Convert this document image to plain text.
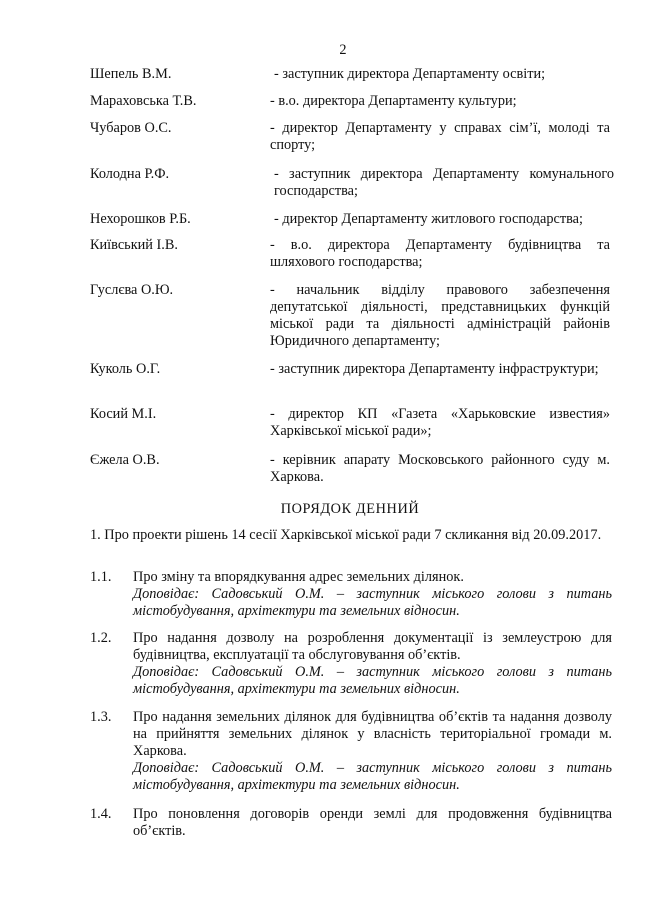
2
Шепель В.М.	- заступник директора Департаменту освіти;
Мараховська Т.В.	- в.о. директора Департаменту культури;
Чубаров О.С.	- директор Департаменту у справах сім’ї, молоді та спорту;
Колодна Р.Ф.	- заступник директора Департаменту комунального господарства;
Нехорошков Р.Б.	- директор Департаменту житлового господарства;
Київський І.В.	- в.о. директора Департаменту будівництва та шляхового господарства;
Гуслєва О.Ю.	- начальник відділу правового забезпечення депутатської діяльності, представницьких функцій міської ради та діяльності адміністрацій районів Юридичного департаменту;
Куколь О.Г.	- заступник директора Департаменту інфраструктури;
Косий М.І.	- директор КП «Газета «Харьковские известия» Харківської міської ради»;
Єжела О.В.	- керівник апарату Московського районного суду м. Харкова.
ПОРЯДОК ДЕННИЙ
1. Про проекти рішень 14 сесії Харківської міської ради 7 скликання від 20.09.2017.
1.1. Про зміну та впорядкування адрес земельних ділянок.
Доповідає: Садовський О.М. – заступник міського голови з питань містобудування, архітектури та земельних відносин.
1.2. Про надання дозволу на розроблення документації із землеустрою для будівництва, експлуатації та обслуговування об’єктів.
Доповідає: Садовський О.М. – заступник міського голови з питань містобудування, архітектури та земельних відносин.
1.3. Про надання земельних ділянок для будівництва об’єктів та надання дозволу на прийняття земельних ділянок у власність територіальної громади м. Харкова.
Доповідає: Садовський О.М. – заступник міського голови з питань містобудування, архітектури та земельних відносин.
1.4. Про поновлення договорів оренди землі для продовження будівництва об’єктів.
